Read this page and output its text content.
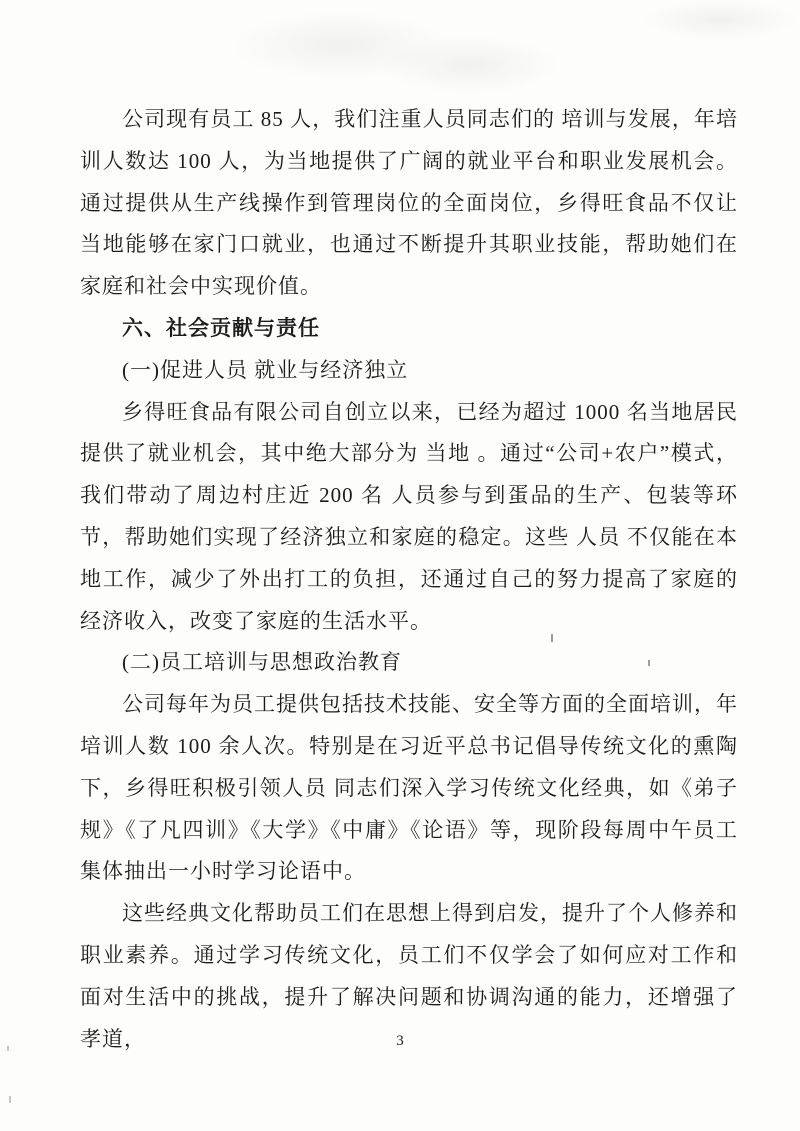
公司现有员工 85 人，我们注重人员同志们的 培训与发展，年培训人数达 100 人，为当地提供了广阔的就业平台和职业发展机会。通过提供从生产线操作到管理岗位的全面岗位，乡得旺食品不仅让 当地能够在家门口就业，也通过不断提升其职业技能，帮助她们在家庭和社会中实现价值。

六、社会贡献与责任

(一)促进人员 就业与经济独立

乡得旺食品有限公司自创立以来，已经为超过 1000 名当地居民提供了就业机会，其中绝大部分为 当地 。通过“公司+农户”模式，我们带动了周边村庄近 200 名 人员参与到蛋品的生产、包装等环节，帮助她们实现了经济独立和家庭的稳定。这些 人员 不仅能在本地工作，减少了外出打工的负担，还通过自己的努力提高了家庭的经济收入，改变了家庭的生活水平。

(二)员工培训与思想政治教育

公司每年为员工提供包括技术技能、安全等方面的全面培训，年培训人数 100 余人次。特别是在习近平总书记倡导传统文化的熏陶下，乡得旺积极引领人员 同志们深入学习传统文化经典，如《弟子规》《了凡四训》《大学》《中庸》《论语》等，现阶段每周中午员工集体抽出一小时学习论语中。

这些经典文化帮助员工们在思想上得到启发，提升了个人修养和职业素养。通过学习传统文化，员工们不仅学会了如何应对工作和面对生活中的挑战，提升了解决问题和协调沟通的能力，还增强了孝道，	3
